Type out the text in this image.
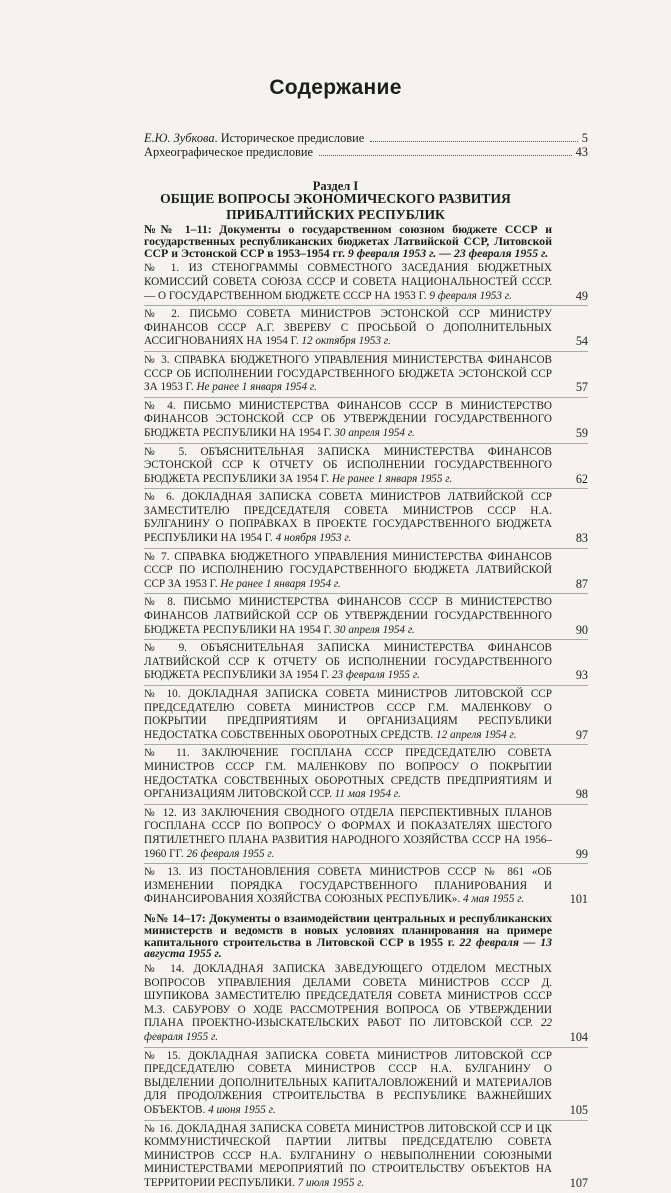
Содержание
Е.Ю. Зубкова. Историческое предисловие	5
Археографическое предисловие	43
Раздел I
ОБЩИЕ ВОПРОСЫ ЭКОНОМИЧЕСКОГО РАЗВИТИЯ
ПРИБАЛТИЙСКИХ РЕСПУБЛИК
№№ 1–11: Документы о государственном союзном бюджете СССР и государственных республиканских бюджетах Латвийской ССР, Литовской ССР и Эстонской ССР в 1953–1954 гг. 9 февраля 1953 г. — 23 февраля 1955 г.
№ 1. ИЗ СТЕНОГРАММЫ СОВМЕСТНОГО ЗАСЕДАНИЯ БЮДЖЕТНЫХ КОМИССИЙ СОВЕТА СОЮЗА СССР И СОВЕТА НАЦИОНАЛЬНОСТЕЙ СССР. — О ГОСУДАРСТВЕННОМ БЮДЖЕТЕ СССР НА 1953 Г. 9 февраля 1953 г.	49
№ 2. ПИСЬМО СОВЕТА МИНИСТРОВ ЭСТОНСКОЙ ССР МИНИСТРУ ФИНАНСОВ СССР А.Г. ЗВЕРЕВУ С ПРОСЬБОЙ О ДОПОЛНИТЕЛЬНЫХ АССИГНОВАНИЯХ НА 1954 Г. 12 октября 1953 г.	54
№ 3. СПРАВКА БЮДЖЕТНОГО УПРАВЛЕНИЯ МИНИСТЕРСТВА ФИНАНСОВ СССР ОБ ИСПОЛНЕНИИ ГОСУДАРСТВЕННОГО БЮДЖЕТА ЭСТОНСКОЙ ССР ЗА 1953 Г. Не ранее 1 января 1954 г.	57
№ 4. ПИСЬМО МИНИСТЕРСТВА ФИНАНСОВ СССР В МИНИСТЕРСТВО ФИНАНСОВ ЭСТОНСКОЙ ССР ОБ УТВЕРЖДЕНИИ ГОСУДАРСТВЕННОГО БЮДЖЕТА РЕСПУБЛИКИ НА 1954 Г. 30 апреля 1954 г.	59
№ 5. ОБЪЯСНИТЕЛЬНАЯ ЗАПИСКА МИНИСТЕРСТВА ФИНАНСОВ ЭСТОНСКОЙ ССР К ОТЧЕТУ ОБ ИСПОЛНЕНИИ ГОСУДАРСТВЕННОГО БЮДЖЕТА РЕСПУБЛИКИ ЗА 1954 Г. Не ранее 1 января 1955 г.	62
№ 6. ДОКЛАДНАЯ ЗАПИСКА СОВЕТА МИНИСТРОВ ЛАТВИЙСКОЙ ССР ЗАМЕСТИТЕЛЮ ПРЕДСЕДАТЕЛЯ СОВЕТА МИНИСТРОВ СССР Н.А. БУЛГАНИНУ О ПОПРАВКАХ В ПРОЕКТЕ ГОСУДАРСТВЕННОГО БЮДЖЕТА РЕСПУБЛИКИ НА 1954 Г. 4 ноября 1953 г.	83
№ 7. СПРАВКА БЮДЖЕТНОГО УПРАВЛЕНИЯ МИНИСТЕРСТВА ФИНАНСОВ СССР ПО ИСПОЛНЕНИЮ ГОСУДАРСТВЕННОГО БЮДЖЕТА ЛАТВИЙСКОЙ ССР ЗА 1953 Г. Не ранее 1 января 1954 г.	87
№ 8. ПИСЬМО МИНИСТЕРСТВА ФИНАНСОВ СССР В МИНИСТЕРСТВО ФИНАНСОВ ЛАТВИЙСКОЙ ССР ОБ УТВЕРЖДЕНИИ ГОСУДАРСТВЕННОГО БЮДЖЕТА РЕСПУБЛИКИ НА 1954 Г. 30 апреля 1954 г.	90
№ 9. ОБЪЯСНИТЕЛЬНАЯ ЗАПИСКА МИНИСТЕРСТВА ФИНАНСОВ ЛАТВИЙСКОЙ ССР К ОТЧЕТУ ОБ ИСПОЛНЕНИИ ГОСУДАРСТВЕННОГО БЮДЖЕТА РЕСПУБЛИКИ ЗА 1954 Г. 23 февраля 1955 г.	93
№ 10. ДОКЛАДНАЯ ЗАПИСКА СОВЕТА МИНИСТРОВ ЛИТОВСКОЙ ССР ПРЕДСЕДАТЕЛЮ СОВЕТА МИНИСТРОВ СССР Г.М. МАЛЕНКОВУ О ПОКРЫТИИ ПРЕДПРИЯТИЯМ И ОРГАНИЗАЦИЯМ РЕСПУБЛИКИ НЕДОСТАТКА СОБСТВЕННЫХ ОБОРОТНЫХ СРЕДСТВ. 12 апреля 1954 г.	97
№ 11. ЗАКЛЮЧЕНИЕ ГОСПЛАНА СССР ПРЕДСЕДАТЕЛЮ СОВЕТА МИНИСТРОВ СССР Г.М. МАЛЕНКОВУ ПО ВОПРОСУ О ПОКРЫТИИ НЕДОСТАТКА СОБСТВЕННЫХ ОБОРОТНЫХ СРЕДСТВ ПРЕДПРИЯТИЯМ И ОРГАНИЗАЦИЯМ ЛИТОВСКОЙ ССР. 11 мая 1954 г.	98
№ 12. ИЗ ЗАКЛЮЧЕНИЯ СВОДНОГО ОТДЕЛА ПЕРСПЕКТИВНЫХ ПЛАНОВ ГОСПЛАНА СССР ПО ВОПРОСУ О ФОРМАХ И ПОКАЗАТЕЛЯХ ШЕСТОГО ПЯТИЛЕТНЕГО ПЛАНА РАЗВИТИЯ НАРОДНОГО ХОЗЯЙСТВА СССР НА 1956–1960 ГГ. 26 февраля 1955 г.	99
№ 13. ИЗ ПОСТАНОВЛЕНИЯ СОВЕТА МИНИСТРОВ СССР № 861 «ОБ ИЗМЕНЕНИИ ПОРЯДКА ГОСУДАРСТВЕННОГО ПЛАНИРОВАНИЯ И ФИНАНСИРОВАНИЯ ХОЗЯЙСТВА СОЮЗНЫХ РЕСПУБЛИК». 4 мая 1955 г.	101
№№ 14–17: Документы о взаимодействии центральных и республиканских министерств и ведомств в новых условиях планирования на примере капитального строительства в Литовской ССР в 1955 г. 22 февраля — 13 августа 1955 г.
№ 14. ДОКЛАДНАЯ ЗАПИСКА ЗАВЕДУЮЩЕГО ОТДЕЛОМ МЕСТНЫХ ВОПРОСОВ УПРАВЛЕНИЯ ДЕЛАМИ СОВЕТА МИНИСТРОВ СССР Д. ШУПИКОВА ЗАМЕСТИТЕЛЮ ПРЕДСЕДАТЕЛЯ СОВЕТА МИНИСТРОВ СССР М.З. САБУРОВУ О ХОДЕ РАССМОТРЕНИЯ ВОПРОСА ОБ УТВЕРЖДЕНИИ ПЛАНА ПРОЕКТНО-ИЗЫСКАТЕЛЬСКИХ РАБОТ ПО ЛИТОВСКОЙ ССР. 22 февраля 1955 г.	104
№ 15. ДОКЛАДНАЯ ЗАПИСКА СОВЕТА МИНИСТРОВ ЛИТОВСКОЙ ССР ПРЕДСЕДАТЕЛЮ СОВЕТА МИНИСТРОВ СССР Н.А. БУЛГАНИНУ О ВЫДЕЛЕНИИ ДОПОЛНИТЕЛЬНЫХ КАПИТАЛОВЛОЖЕНИЙ И МАТЕРИАЛОВ ДЛЯ ПРОДОЛЖЕНИЯ СТРОИТЕЛЬСТВА В РЕСПУБЛИКЕ ВАЖНЕЙШИХ ОБЪЕКТОВ. 4 июня 1955 г.	105
№ 16. ДОКЛАДНАЯ ЗАПИСКА СОВЕТА МИНИСТРОВ ЛИТОВСКОЙ ССР И ЦК КОММУНИСТИЧЕСКОЙ ПАРТИИ ЛИТВЫ ПРЕДСЕДАТЕЛЮ СОВЕТА МИНИСТРОВ СССР Н.А. БУЛГАНИНУ О НЕВЫПОЛНЕНИИ СОЮЗНЫМИ МИНИСТЕРСТВАМИ МЕРОПРИЯТИЙ ПО СТРОИТЕЛЬСТВУ ОБЪЕКТОВ НА ТЕРРИТОРИИ РЕСПУБЛИКИ. 7 июля 1955 г.	107
